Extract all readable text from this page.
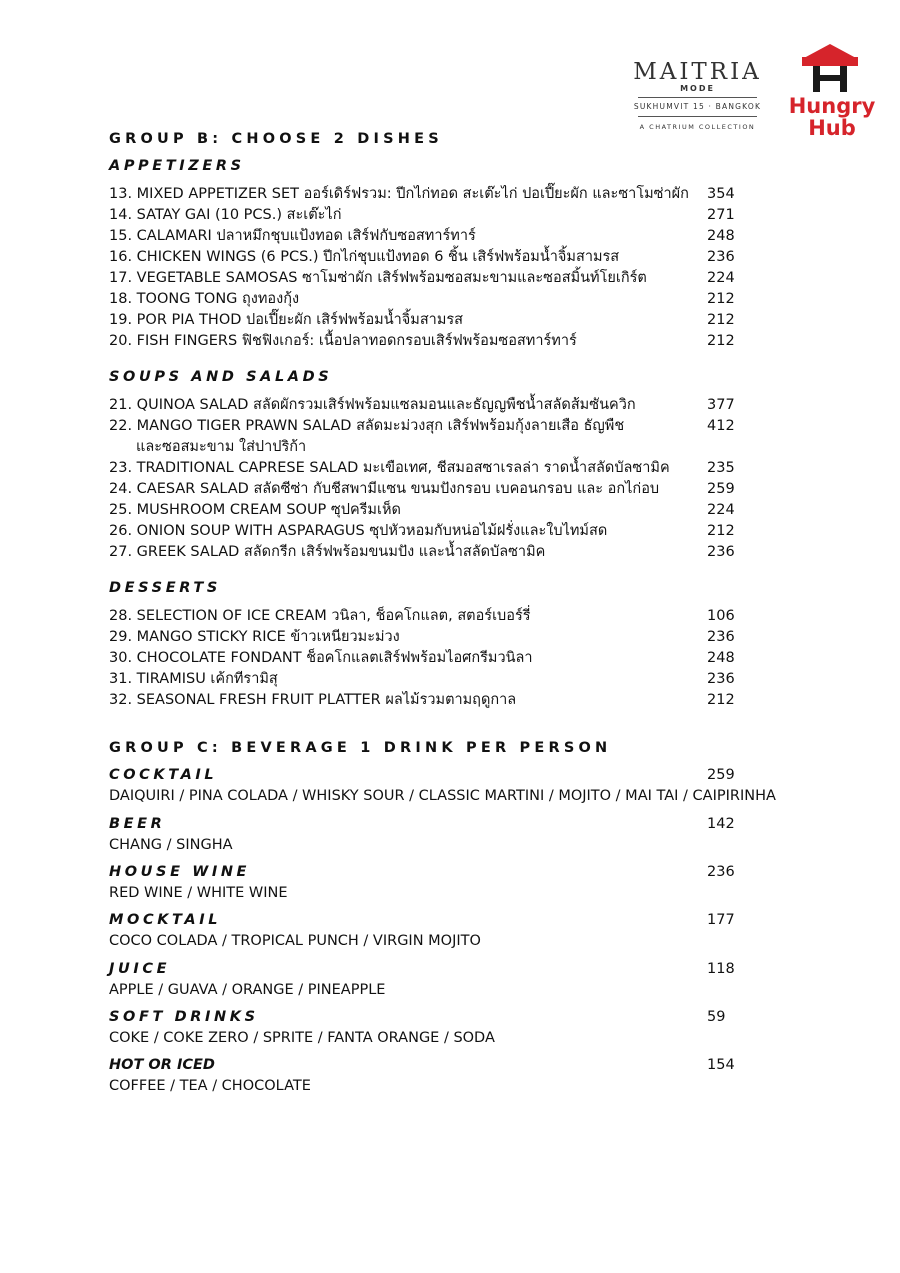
MAITRIA
MODE
SUKHUMVIT 15 · BANGKOK
A CHATRIUM COLLECTION
Hungry
Hub
GROUP B: CHOOSE 2 DISHES
APPETIZERS
13. MIXED APPETIZER SET ออร์เดิร์ฟรวม: ปีกไก่ทอด สะเต๊ะไก่ ปอเปี๊ยะผัก และซาโมซ่าผัก 354
14. SATAY GAI (10 PCS.) สะเต๊ะไก่	271
15. CALAMARI ปลาหมึกชุบแป้งทอด เสิร์ฟกับซอสทาร์ทาร์	248
16. CHICKEN WINGS (6 PCS.) ปีกไก่ชุบแป้งทอด 6 ชิ้น เสิร์ฟพร้อมน้ำจิ้มสามรส	236
17. VEGETABLE SAMOSAS ซาโมซ่าผัก เสิร์ฟพร้อมซอสมะขามและซอสมิ้นท์โยเกิร์ต	224
18. TOONG TONG ถุงทองกุ้ง	212
19. POR PIA THOD ปอเปี๊ยะผัก เสิร์ฟพร้อมน้ำจิ้มสามรส	212
20. FISH FINGERS ฟิชฟิงเกอร์: เนื้อปลาทอดกรอบเสิร์ฟพร้อมซอสทาร์ทาร์	212
SOUPS AND SALADS
21. QUINOA SALAD สลัดผักรวมเสิร์ฟพร้อมแซลมอนและธัญญพืชน้ำสลัดส้มซันควิก	377
22. MANGO TIGER PRAWN SALAD สลัดมะม่วงสุก เสิร์ฟพร้อมกุ้งลายเสือ ธัญพืช	412
และซอสมะขาม ใส่ปาปริก้า
23. TRADITIONAL CAPRESE SALAD มะเขือเทศ, ชีสมอสซาเรลล่า ราดน้ำสลัดบัลซามิค	235
24. CAESAR SALAD สลัดซีซ่า กับชีสพามีแซน ขนมปังกรอบ เบคอนกรอบ และ อกไก่อบ	259
25. MUSHROOM CREAM SOUP ซุปครีมเห็ด	224
26. ONION SOUP WITH ASPARAGUS ซุปหัวหอมกับหน่อไม้ฝรั่งและใบไทม์สด	212
27. GREEK SALAD สลัดกรีก เสิร์ฟพร้อมขนมปัง และน้ำสลัดบัลซามิค	236
DESSERTS
28. SELECTION OF ICE CREAM วนิลา, ช็อคโกแลต, สตอร์เบอร์รี่	106
29. MANGO STICKY RICE ข้าวเหนียวมะม่วง	236
30. CHOCOLATE FONDANT ช็อคโกแลตเสิร์ฟพร้อมไอศกรีมวนิลา	248
31. TIRAMISU เค้กทีรามิสุ	236
32. SEASONAL FRESH FRUIT PLATTER ผลไม้รวมตามฤดูกาล	212
GROUP C: BEVERAGE 1 DRINK PER PERSON
COCKTAIL	259
DAIQUIRI / PINA COLADA / WHISKY SOUR / CLASSIC MARTINI / MOJITO / MAI TAI / CAIPIRINHA
BEER	142
CHANG / SINGHA
HOUSE WINE	236
RED WINE / WHITE WINE
MOCKTAIL	177
COCO COLADA / TROPICAL PUNCH / VIRGIN MOJITO
JUICE	118
APPLE / GUAVA / ORANGE / PINEAPPLE
SOFT DRINKS	59
COKE / COKE ZERO / SPRITE / FANTA ORANGE / SODA
HOT OR ICED	154
COFFEE / TEA / CHOCOLATE
